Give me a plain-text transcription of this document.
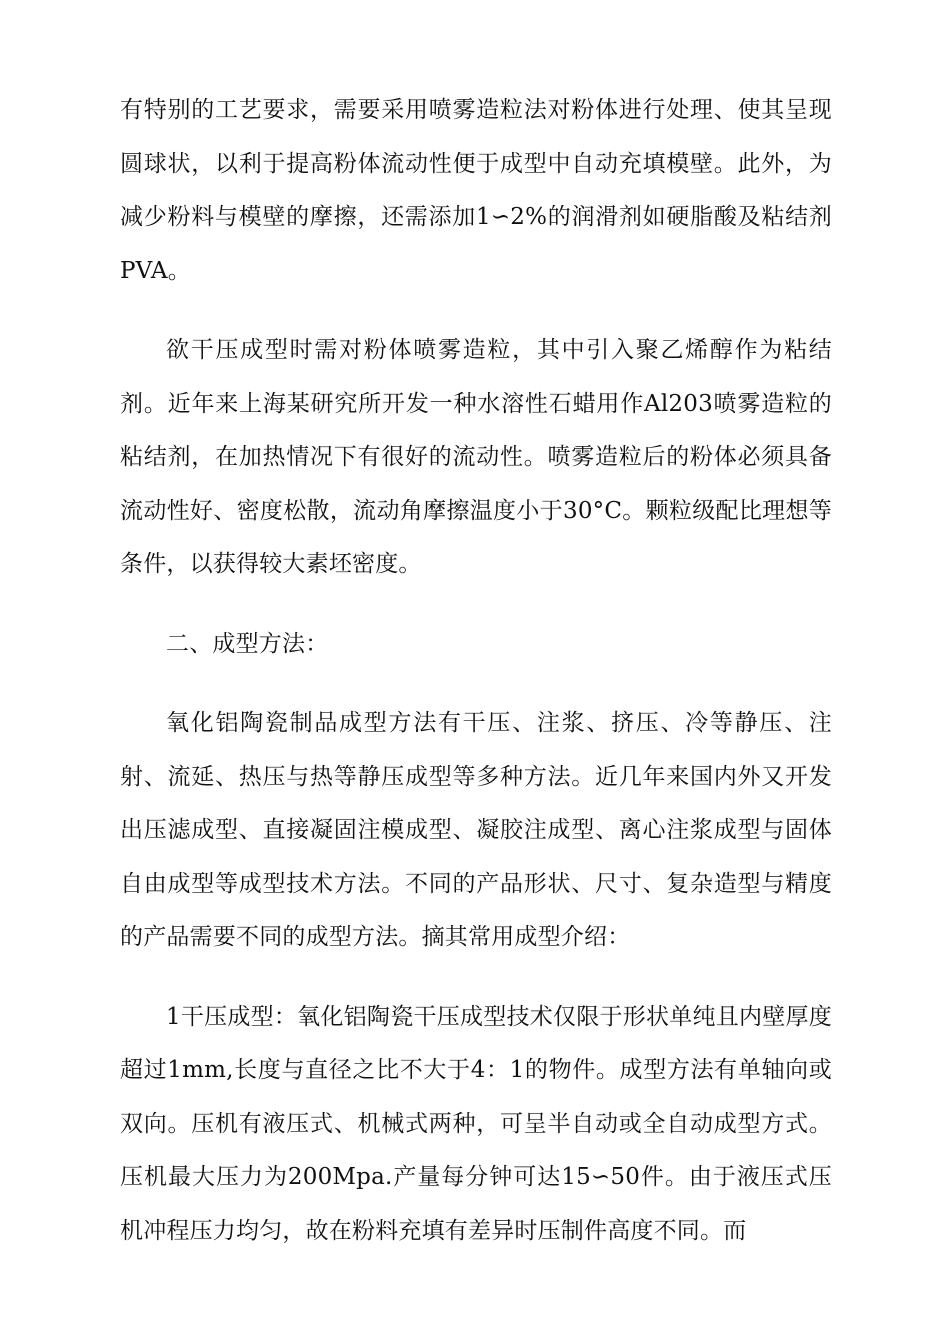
有特别的工艺要求，需要采用喷雾造粒法对粉体进行处理、使其呈现圆球状，以利于提高粉体流动性便于成型中自动充填模壁。此外，为减少粉料与模壁的摩擦，还需添加1∽2%的润滑剂如硬脂酸及粘结剂PVA。

欲干压成型时需对粉体喷雾造粒，其中引入聚乙烯醇作为粘结剂。近年来上海某研究所开发一种水溶性石蜡用作Al203喷雾造粒的粘结剂，在加热情况下有很好的流动性。喷雾造粒后的粉体必须具备流动性好、密度松散，流动角摩擦温度小于30°C。颗粒级配比理想等条件，以获得较大素坯密度。

二、成型方法：

氧化铝陶瓷制品成型方法有干压、注浆、挤压、冷等静压、注射、流延、热压与热等静压成型等多种方法。近几年来国内外又开发出压滤成型、直接凝固注模成型、凝胶注成型、离心注浆成型与固体自由成型等成型技术方法。不同的产品形状、尺寸、复杂造型与精度的产品需要不同的成型方法。摘其常用成型介绍：

1干压成型：氧化铝陶瓷干压成型技术仅限于形状单纯且内壁厚度超过1mm,长度与直径之比不大于4：1的物件。成型方法有单轴向或双向。压机有液压式、机械式两种，可呈半自动或全自动成型方式。压机最大压力为200Mpa.产量每分钟可达15∽50件。由于液压式压机冲程压力均匀，故在粉料充填有差异时压制件高度不同。而
